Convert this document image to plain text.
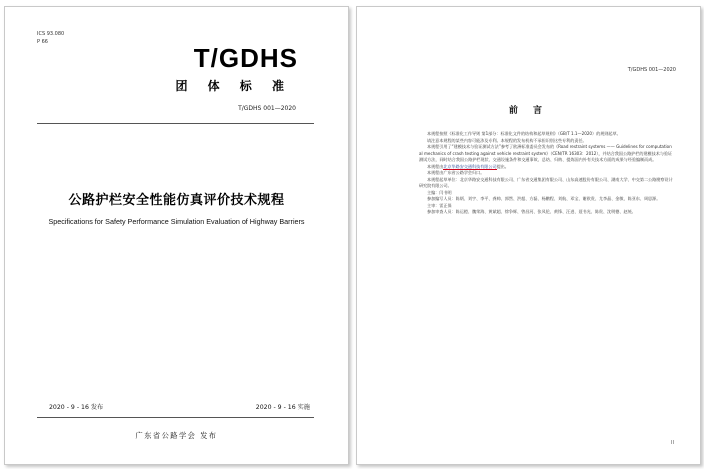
ICS 93.080
P 66
T/GDHS
团 体 标 准
T/GDHS 001—2020
公路护栏安全性能仿真评价技术规程
Specifications for Safety Performance Simulation Evaluation of Highway Barriers
2020 - 9 - 16 发布	2020 - 9 - 16 实施
广东省公路学会 发布
T/GDHS 001—2020
前 言

本规程按照《标准化工作导则 第1部分：标准化文件的结构和起草规则》（GB/T 1.1—2020）的规则起草。

请注意本规程的某些内容可能涉及专利。本规程的发布机构不承担识别这些专利的责任。

本规程引用了“建模技术与验证测试方法”参考了欧洲标准委员会发布的《Road restraint systems —— Guidelines for computational mechanics of crash testing against vehicle restraint system》（CEN/TR 16303：2012），并结合我国公路护栏的建模技术与验证测试方法，同时结合我国公路护栏现状、交通设施条件和交通事故、总结、归纳、提炼国内外有关技术方面的成果与经验编制而成。

本规程由北京华路安交通科技有限公司提出。

本规程由广东省公路学会归口。

本规程起草单位：北京华路安交通科技有限公司、广东省交通集团有限公司、山东高速股份有限公司、湖南大学、中交第二公路勘察设计研究院有限公司。

主编：闫书明

参加编写人员：陈炳、刘宇、李平、龚帅、郭然、洪超、方磊、杨鹏程、刘航、邓宝、谢欧贵、尤李晶、金敏、陈亚东、周思源。

主审：雷正保

参加审查人员：陈运橙、魏荣海、黄斌超、徐争辉、曾昌河、张凤伦、黄锋、汪进、聂书光、陈贵、沈明德、赵统。

II
